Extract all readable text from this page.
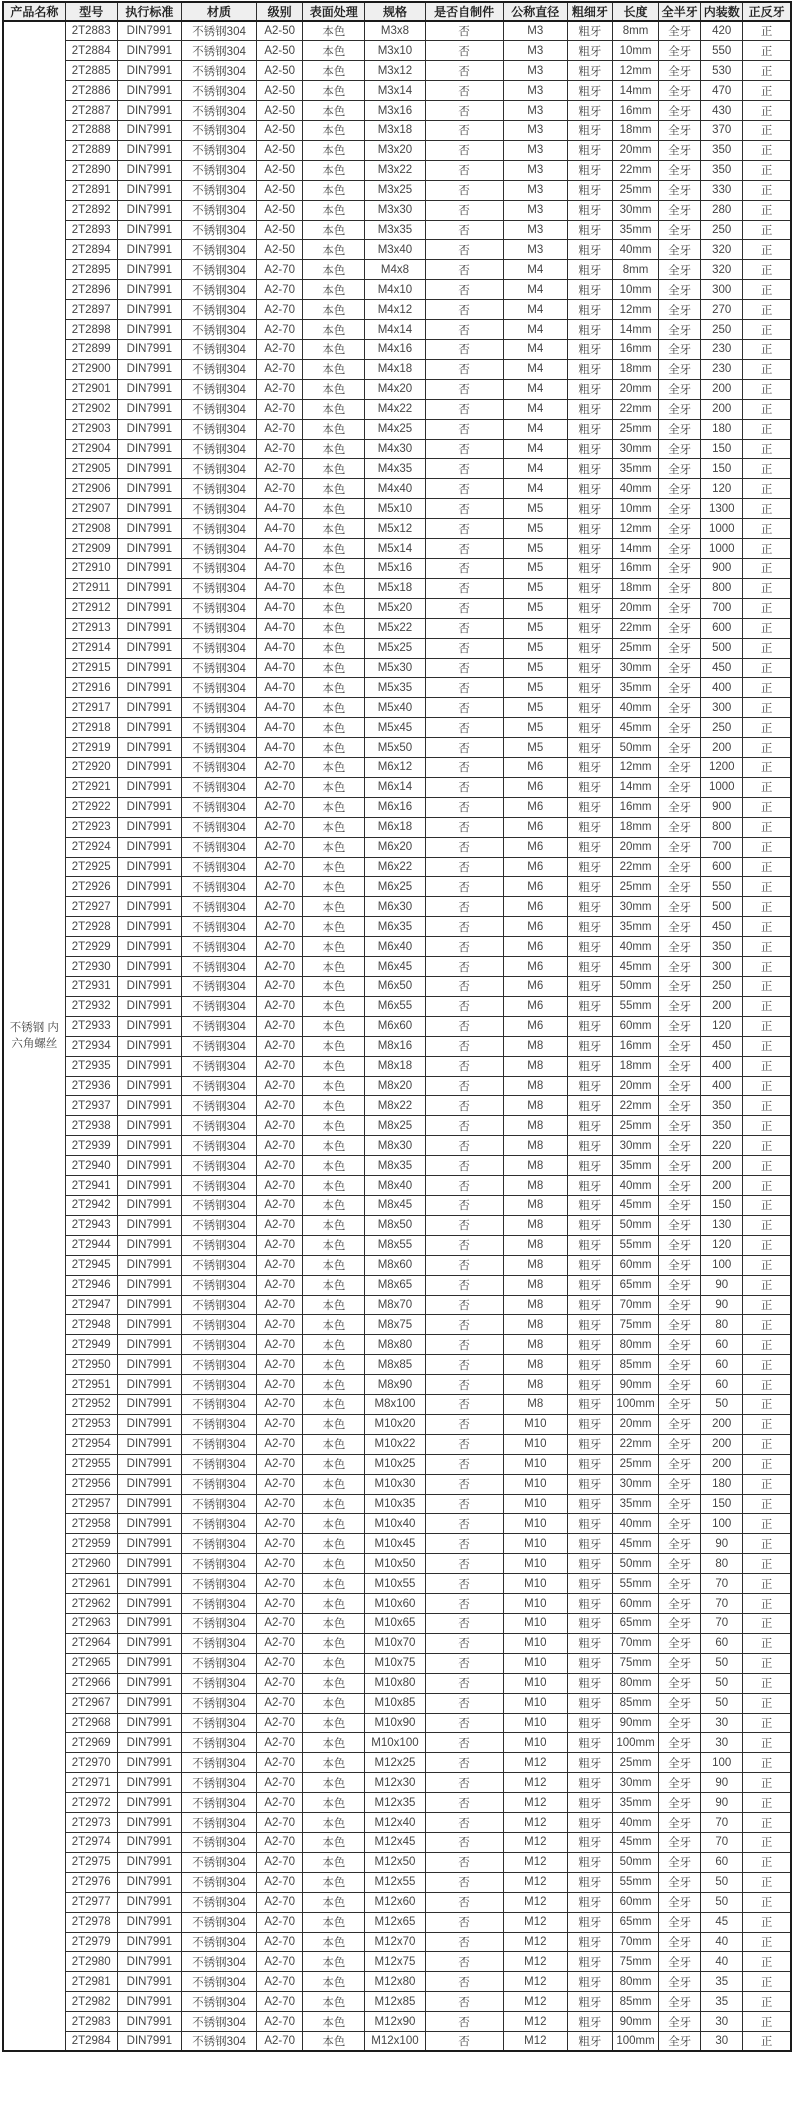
产品名称	型号	执行标准	材质	级别	表面处理	规格	是否自制件	公称直径	粗细牙	长度	全半牙	内装数	正反牙
不锈钢 内六角螺丝	2T2883	DIN7991	不锈钢304	A2-50	本色	M3x8	否	M3	粗牙	8mm	全牙	420	正
	2T2884	DIN7991	不锈钢304	A2-50	本色	M3x10	否	M3	粗牙	10mm	全牙	550	正
	2T2885	DIN7991	不锈钢304	A2-50	本色	M3x12	否	M3	粗牙	12mm	全牙	530	正
	2T2886	DIN7991	不锈钢304	A2-50	本色	M3x14	否	M3	粗牙	14mm	全牙	470	正
	2T2887	DIN7991	不锈钢304	A2-50	本色	M3x16	否	M3	粗牙	16mm	全牙	430	正
	2T2888	DIN7991	不锈钢304	A2-50	本色	M3x18	否	M3	粗牙	18mm	全牙	370	正
	2T2889	DIN7991	不锈钢304	A2-50	本色	M3x20	否	M3	粗牙	20mm	全牙	350	正
	2T2890	DIN7991	不锈钢304	A2-50	本色	M3x22	否	M3	粗牙	22mm	全牙	350	正
	2T2891	DIN7991	不锈钢304	A2-50	本色	M3x25	否	M3	粗牙	25mm	全牙	330	正
	2T2892	DIN7991	不锈钢304	A2-50	本色	M3x30	否	M3	粗牙	30mm	全牙	280	正
	2T2893	DIN7991	不锈钢304	A2-50	本色	M3x35	否	M3	粗牙	35mm	全牙	250	正
	2T2894	DIN7991	不锈钢304	A2-50	本色	M3x40	否	M3	粗牙	40mm	全牙	320	正
	2T2895	DIN7991	不锈钢304	A2-70	本色	M4x8	否	M4	粗牙	8mm	全牙	320	正
	2T2896	DIN7991	不锈钢304	A2-70	本色	M4x10	否	M4	粗牙	10mm	全牙	300	正
	2T2897	DIN7991	不锈钢304	A2-70	本色	M4x12	否	M4	粗牙	12mm	全牙	270	正
	2T2898	DIN7991	不锈钢304	A2-70	本色	M4x14	否	M4	粗牙	14mm	全牙	250	正
	2T2899	DIN7991	不锈钢304	A2-70	本色	M4x16	否	M4	粗牙	16mm	全牙	230	正
	2T2900	DIN7991	不锈钢304	A2-70	本色	M4x18	否	M4	粗牙	18mm	全牙	230	正
	2T2901	DIN7991	不锈钢304	A2-70	本色	M4x20	否	M4	粗牙	20mm	全牙	200	正
	2T2902	DIN7991	不锈钢304	A2-70	本色	M4x22	否	M4	粗牙	22mm	全牙	200	正
	2T2903	DIN7991	不锈钢304	A2-70	本色	M4x25	否	M4	粗牙	25mm	全牙	180	正
	2T2904	DIN7991	不锈钢304	A2-70	本色	M4x30	否	M4	粗牙	30mm	全牙	150	正
	2T2905	DIN7991	不锈钢304	A2-70	本色	M4x35	否	M4	粗牙	35mm	全牙	150	正
	2T2906	DIN7991	不锈钢304	A2-70	本色	M4x40	否	M4	粗牙	40mm	全牙	120	正
	2T2907	DIN7991	不锈钢304	A4-70	本色	M5x10	否	M5	粗牙	10mm	全牙	1300	正
	2T2908	DIN7991	不锈钢304	A4-70	本色	M5x12	否	M5	粗牙	12mm	全牙	1000	正
	2T2909	DIN7991	不锈钢304	A4-70	本色	M5x14	否	M5	粗牙	14mm	全牙	1000	正
	2T2910	DIN7991	不锈钢304	A4-70	本色	M5x16	否	M5	粗牙	16mm	全牙	900	正
	2T2911	DIN7991	不锈钢304	A4-70	本色	M5x18	否	M5	粗牙	18mm	全牙	800	正
	2T2912	DIN7991	不锈钢304	A4-70	本色	M5x20	否	M5	粗牙	20mm	全牙	700	正
	2T2913	DIN7991	不锈钢304	A4-70	本色	M5x22	否	M5	粗牙	22mm	全牙	600	正
	2T2914	DIN7991	不锈钢304	A4-70	本色	M5x25	否	M5	粗牙	25mm	全牙	500	正
	2T2915	DIN7991	不锈钢304	A4-70	本色	M5x30	否	M5	粗牙	30mm	全牙	450	正
	2T2916	DIN7991	不锈钢304	A4-70	本色	M5x35	否	M5	粗牙	35mm	全牙	400	正
	2T2917	DIN7991	不锈钢304	A4-70	本色	M5x40	否	M5	粗牙	40mm	全牙	300	正
	2T2918	DIN7991	不锈钢304	A4-70	本色	M5x45	否	M5	粗牙	45mm	全牙	250	正
	2T2919	DIN7991	不锈钢304	A4-70	本色	M5x50	否	M5	粗牙	50mm	全牙	200	正
	2T2920	DIN7991	不锈钢304	A2-70	本色	M6x12	否	M6	粗牙	12mm	全牙	1200	正
	2T2921	DIN7991	不锈钢304	A2-70	本色	M6x14	否	M6	粗牙	14mm	全牙	1000	正
	2T2922	DIN7991	不锈钢304	A2-70	本色	M6x16	否	M6	粗牙	16mm	全牙	900	正
	2T2923	DIN7991	不锈钢304	A2-70	本色	M6x18	否	M6	粗牙	18mm	全牙	800	正
	2T2924	DIN7991	不锈钢304	A2-70	本色	M6x20	否	M6	粗牙	20mm	全牙	700	正
	2T2925	DIN7991	不锈钢304	A2-70	本色	M6x22	否	M6	粗牙	22mm	全牙	600	正
	2T2926	DIN7991	不锈钢304	A2-70	本色	M6x25	否	M6	粗牙	25mm	全牙	550	正
	2T2927	DIN7991	不锈钢304	A2-70	本色	M6x30	否	M6	粗牙	30mm	全牙	500	正
	2T2928	DIN7991	不锈钢304	A2-70	本色	M6x35	否	M6	粗牙	35mm	全牙	450	正
	2T2929	DIN7991	不锈钢304	A2-70	本色	M6x40	否	M6	粗牙	40mm	全牙	350	正
	2T2930	DIN7991	不锈钢304	A2-70	本色	M6x45	否	M6	粗牙	45mm	全牙	300	正
	2T2931	DIN7991	不锈钢304	A2-70	本色	M6x50	否	M6	粗牙	50mm	全牙	250	正
	2T2932	DIN7991	不锈钢304	A2-70	本色	M6x55	否	M6	粗牙	55mm	全牙	200	正
	2T2933	DIN7991	不锈钢304	A2-70	本色	M6x60	否	M6	粗牙	60mm	全牙	120	正
	2T2934	DIN7991	不锈钢304	A2-70	本色	M8x16	否	M8	粗牙	16mm	全牙	450	正
	2T2935	DIN7991	不锈钢304	A2-70	本色	M8x18	否	M8	粗牙	18mm	全牙	400	正
	2T2936	DIN7991	不锈钢304	A2-70	本色	M8x20	否	M8	粗牙	20mm	全牙	400	正
	2T2937	DIN7991	不锈钢304	A2-70	本色	M8x22	否	M8	粗牙	22mm	全牙	350	正
	2T2938	DIN7991	不锈钢304	A2-70	本色	M8x25	否	M8	粗牙	25mm	全牙	350	正
	2T2939	DIN7991	不锈钢304	A2-70	本色	M8x30	否	M8	粗牙	30mm	全牙	220	正
	2T2940	DIN7991	不锈钢304	A2-70	本色	M8x35	否	M8	粗牙	35mm	全牙	200	正
	2T2941	DIN7991	不锈钢304	A2-70	本色	M8x40	否	M8	粗牙	40mm	全牙	200	正
	2T2942	DIN7991	不锈钢304	A2-70	本色	M8x45	否	M8	粗牙	45mm	全牙	150	正
	2T2943	DIN7991	不锈钢304	A2-70	本色	M8x50	否	M8	粗牙	50mm	全牙	130	正
	2T2944	DIN7991	不锈钢304	A2-70	本色	M8x55	否	M8	粗牙	55mm	全牙	120	正
	2T2945	DIN7991	不锈钢304	A2-70	本色	M8x60	否	M8	粗牙	60mm	全牙	100	正
	2T2946	DIN7991	不锈钢304	A2-70	本色	M8x65	否	M8	粗牙	65mm	全牙	90	正
	2T2947	DIN7991	不锈钢304	A2-70	本色	M8x70	否	M8	粗牙	70mm	全牙	90	正
	2T2948	DIN7991	不锈钢304	A2-70	本色	M8x75	否	M8	粗牙	75mm	全牙	80	正
	2T2949	DIN7991	不锈钢304	A2-70	本色	M8x80	否	M8	粗牙	80mm	全牙	60	正
	2T2950	DIN7991	不锈钢304	A2-70	本色	M8x85	否	M8	粗牙	85mm	全牙	60	正
	2T2951	DIN7991	不锈钢304	A2-70	本色	M8x90	否	M8	粗牙	90mm	全牙	60	正
	2T2952	DIN7991	不锈钢304	A2-70	本色	M8x100	否	M8	粗牙	100mm	全牙	50	正
	2T2953	DIN7991	不锈钢304	A2-70	本色	M10x20	否	M10	粗牙	20mm	全牙	200	正
	2T2954	DIN7991	不锈钢304	A2-70	本色	M10x22	否	M10	粗牙	22mm	全牙	200	正
	2T2955	DIN7991	不锈钢304	A2-70	本色	M10x25	否	M10	粗牙	25mm	全牙	200	正
	2T2956	DIN7991	不锈钢304	A2-70	本色	M10x30	否	M10	粗牙	30mm	全牙	180	正
	2T2957	DIN7991	不锈钢304	A2-70	本色	M10x35	否	M10	粗牙	35mm	全牙	150	正
	2T2958	DIN7991	不锈钢304	A2-70	本色	M10x40	否	M10	粗牙	40mm	全牙	100	正
	2T2959	DIN7991	不锈钢304	A2-70	本色	M10x45	否	M10	粗牙	45mm	全牙	90	正
	2T2960	DIN7991	不锈钢304	A2-70	本色	M10x50	否	M10	粗牙	50mm	全牙	80	正
	2T2961	DIN7991	不锈钢304	A2-70	本色	M10x55	否	M10	粗牙	55mm	全牙	70	正
	2T2962	DIN7991	不锈钢304	A2-70	本色	M10x60	否	M10	粗牙	60mm	全牙	70	正
	2T2963	DIN7991	不锈钢304	A2-70	本色	M10x65	否	M10	粗牙	65mm	全牙	70	正
	2T2964	DIN7991	不锈钢304	A2-70	本色	M10x70	否	M10	粗牙	70mm	全牙	60	正
	2T2965	DIN7991	不锈钢304	A2-70	本色	M10x75	否	M10	粗牙	75mm	全牙	50	正
	2T2966	DIN7991	不锈钢304	A2-70	本色	M10x80	否	M10	粗牙	80mm	全牙	50	正
	2T2967	DIN7991	不锈钢304	A2-70	本色	M10x85	否	M10	粗牙	85mm	全牙	50	正
	2T2968	DIN7991	不锈钢304	A2-70	本色	M10x90	否	M10	粗牙	90mm	全牙	30	正
	2T2969	DIN7991	不锈钢304	A2-70	本色	M10x100	否	M10	粗牙	100mm	全牙	30	正
	2T2970	DIN7991	不锈钢304	A2-70	本色	M12x25	否	M12	粗牙	25mm	全牙	100	正
	2T2971	DIN7991	不锈钢304	A2-70	本色	M12x30	否	M12	粗牙	30mm	全牙	90	正
	2T2972	DIN7991	不锈钢304	A2-70	本色	M12x35	否	M12	粗牙	35mm	全牙	90	正
	2T2973	DIN7991	不锈钢304	A2-70	本色	M12x40	否	M12	粗牙	40mm	全牙	70	正
	2T2974	DIN7991	不锈钢304	A2-70	本色	M12x45	否	M12	粗牙	45mm	全牙	70	正
	2T2975	DIN7991	不锈钢304	A2-70	本色	M12x50	否	M12	粗牙	50mm	全牙	60	正
	2T2976	DIN7991	不锈钢304	A2-70	本色	M12x55	否	M12	粗牙	55mm	全牙	50	正
	2T2977	DIN7991	不锈钢304	A2-70	本色	M12x60	否	M12	粗牙	60mm	全牙	50	正
	2T2978	DIN7991	不锈钢304	A2-70	本色	M12x65	否	M12	粗牙	65mm	全牙	45	正
	2T2979	DIN7991	不锈钢304	A2-70	本色	M12x70	否	M12	粗牙	70mm	全牙	40	正
	2T2980	DIN7991	不锈钢304	A2-70	本色	M12x75	否	M12	粗牙	75mm	全牙	40	正
	2T2981	DIN7991	不锈钢304	A2-70	本色	M12x80	否	M12	粗牙	80mm	全牙	35	正
	2T2982	DIN7991	不锈钢304	A2-70	本色	M12x85	否	M12	粗牙	85mm	全牙	35	正
	2T2983	DIN7991	不锈钢304	A2-70	本色	M12x90	否	M12	粗牙	90mm	全牙	30	正
	2T2984	DIN7991	不锈钢304	A2-70	本色	M12x100	否	M12	粗牙	100mm	全牙	30	正
